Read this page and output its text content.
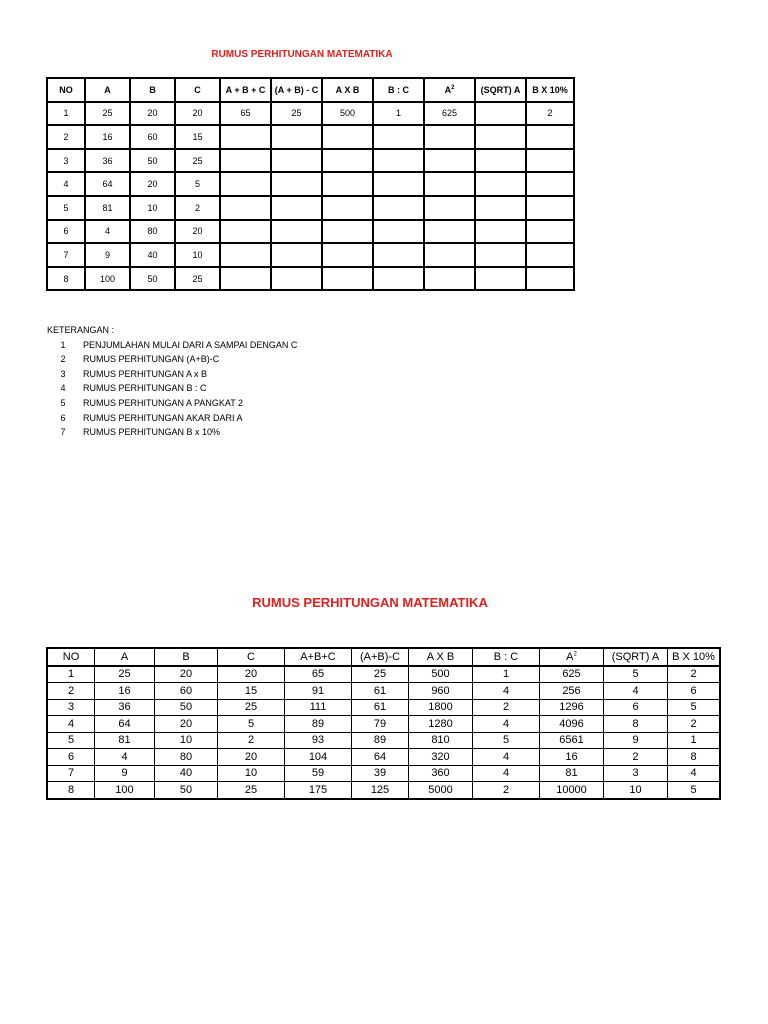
RUMUS PERHITUNGAN MATEMATIKA
NO	A	B	C	A + B + C	(A + B) - C	A X B	B : C	$A^2$	(SQRT) A	B X 10%
1	25	20	20	65	25	500	1	625		2
2	16	60	15							
3	36	50	25							
4	64	20	5							
5	81	10	2							
6	4	80	20							
7	9	40	10							
8	100	50	25							
KETERANGAN :
1	PENJUMLAHAN MULAI DARI A SAMPAI DENGAN C
2	RUMUS PERHITUNGAN (A+B)-C
3	RUMUS PERHITUNGAN A x B
4	RUMUS PERHITUNGAN B : C
5	RUMUS PERHITUNGAN A PANGKAT 2
6	RUMUS PERHITUNGAN AKAR DARI A
7	RUMUS PERHITUNGAN B x 10%
RUMUS PERHITUNGAN MATEMATIKA
NO	A	B	C	A+B+C	(A+B)-C	A X B	B : C	$A^2$	(SQRT) A	B X 10%
1	25	20	20	65	25	500	1	625	5	2
2	16	60	15	91	61	960	4	256	4	6
3	36	50	25	111	61	1800	2	1296	6	5
4	64	20	5	89	79	1280	4	4096	8	2
5	81	10	2	93	89	810	5	6561	9	1
6	4	80	20	104	64	320	4	16	2	8
7	9	40	10	59	39	360	4	81	3	4
8	100	50	25	175	125	5000	2	10000	10	5
